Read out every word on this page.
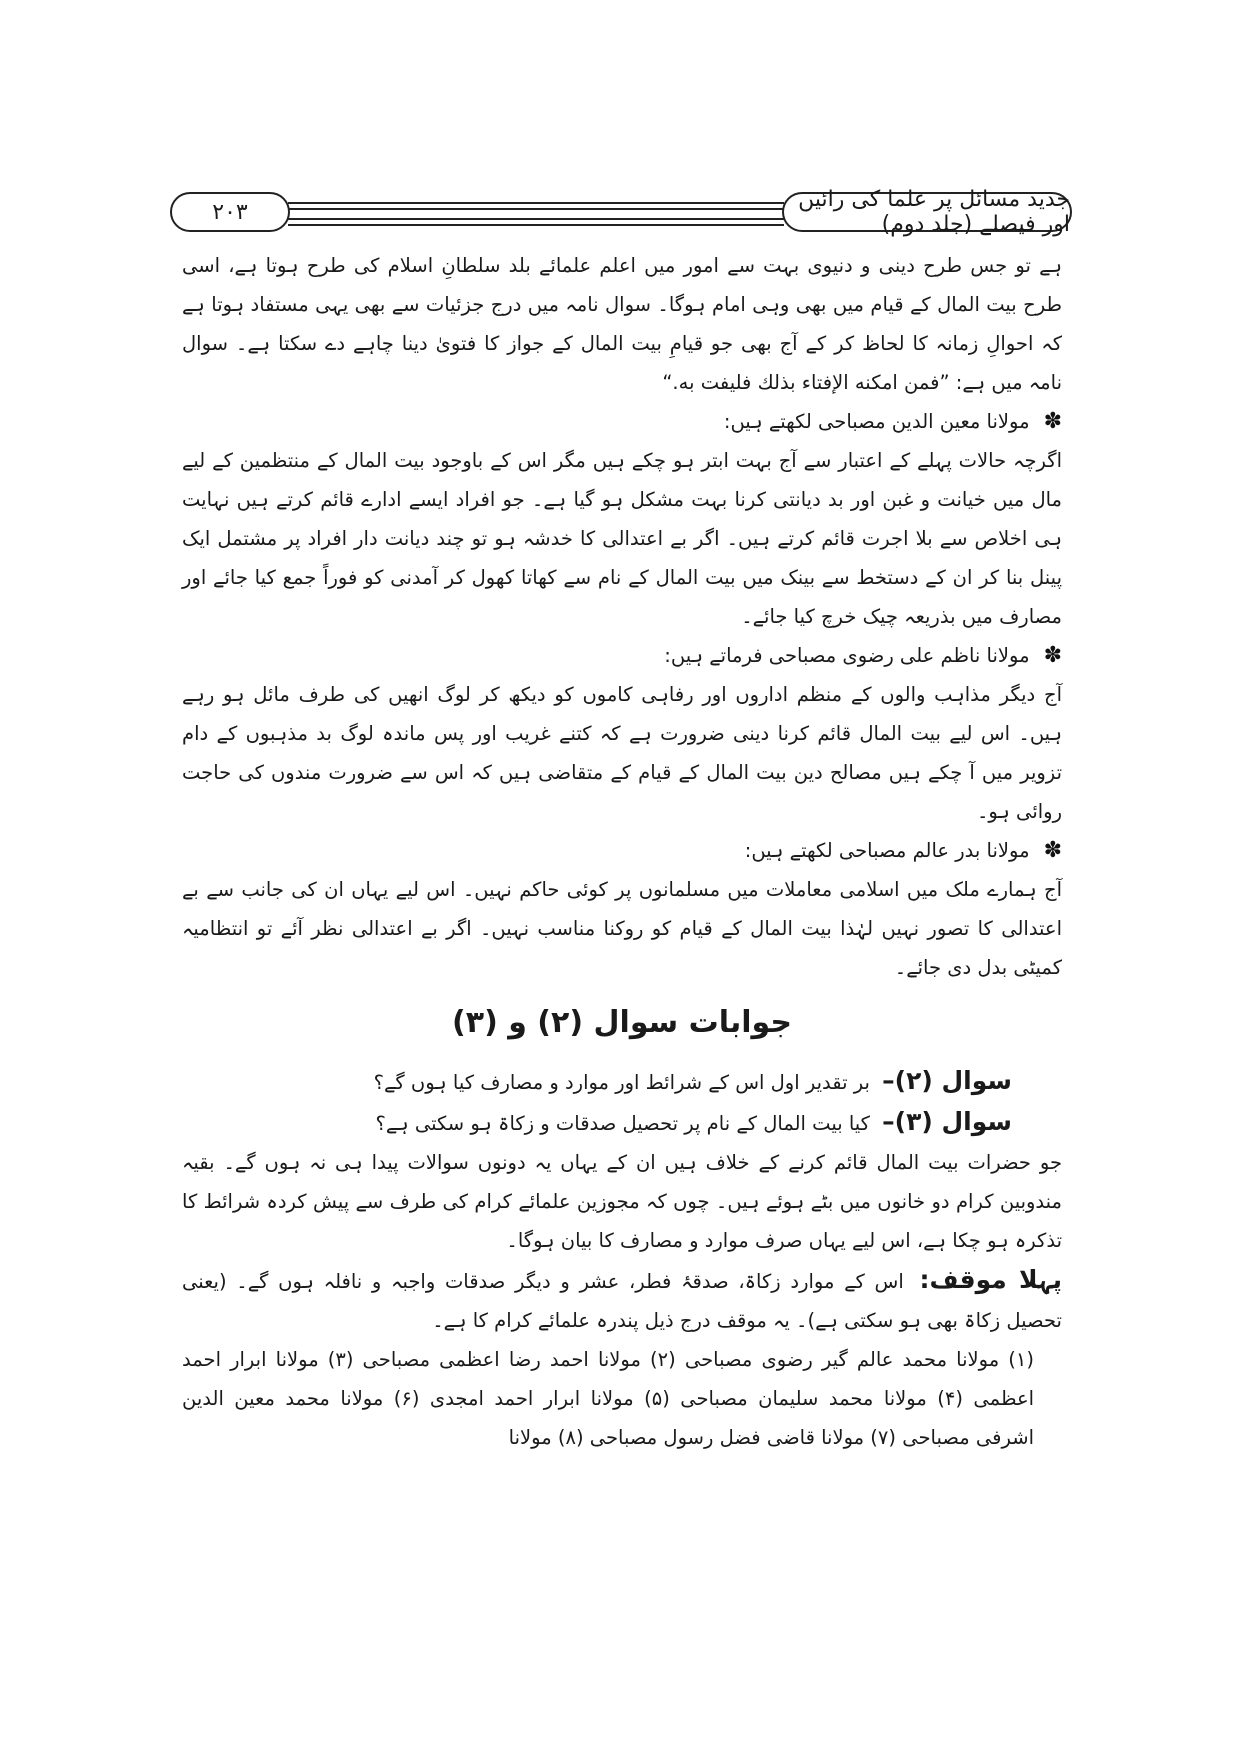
جدید مسائل پر علما کی رائیں اور فیصلے (جلد دوم)
۲۰۳

ہے تو جس طرح دینی و دنیوی بہت سے امور میں اعلم علمائے بلد سلطانِ اسلام کی طرح ہوتا ہے، اسی طرح بیت المال کے قیام میں بھی وہی امام ہوگا۔ سوال نامہ میں درج جزئیات سے بھی یہی مستفاد ہوتا ہے کہ احوالِ زمانہ کا لحاظ کر کے آج بھی جو قیامِ بیت المال کے جواز کا فتویٰ دینا چاہے دے سکتا ہے۔ سوال نامہ میں ہے: ”فمن امكنه الإفتاء بذلك فليفت به.“

✽
مولانا معین الدین مصباحی لکھتے ہیں:

اگرچہ حالات پہلے کے اعتبار سے آج بہت ابتر ہو چکے ہیں مگر اس کے باوجود بیت المال کے منتظمین کے لیے مال میں خیانت و غبن اور بد دیانتی کرنا بہت مشکل ہو گیا ہے۔ جو افراد ایسے ادارے قائم کرتے ہیں نہایت ہی اخلاص سے بلا اجرت قائم کرتے ہیں۔ اگر بے اعتدالی کا خدشہ ہو تو چند دیانت دار افراد پر مشتمل ایک پینل بنا کر ان کے دستخط سے بینک میں بیت المال کے نام سے کھاتا کھول کر آمدنی کو فوراً جمع کیا جائے اور مصارف میں بذریعہ چیک خرچ کیا جائے۔

✽
مولانا ناظم علی رضوی مصباحی فرماتے ہیں:

آج دیگر مذاہب والوں کے منظم اداروں اور رفاہی کاموں کو دیکھ کر لوگ انھیں کی طرف مائل ہو رہے ہیں۔ اس لیے بیت المال قائم کرنا دینی ضرورت ہے کہ کتنے غریب اور پس ماندہ لوگ بد مذہبوں کے دام تزویر میں آ چکے ہیں مصالح دین بیت المال کے قیام کے متقاضی ہیں کہ اس سے ضرورت مندوں کی حاجت روائی ہو۔

✽
مولانا بدر عالم مصباحی لکھتے ہیں:

آج ہمارے ملک میں اسلامی معاملات میں مسلمانوں پر کوئی حاکم نہیں۔ اس لیے یہاں ان کی جانب سے بے اعتدالی کا تصور نہیں لہٰذا بیت المال کے قیام کو روکنا مناسب نہیں۔ اگر بے اعتدالی نظر آئے تو انتظامیہ کمیٹی بدل دی جائے۔

جوابات سوال (۲) و (۳)

سوال (۲)– بر تقدیر اول اس کے شرائط اور موارد و مصارف کیا ہوں گے؟

سوال (۳)– کیا بیت المال کے نام پر تحصیل صدقات و زکاۃ ہو سکتی ہے؟

جو حضرات بیت المال قائم کرنے کے خلاف ہیں ان کے یہاں یہ دونوں سوالات پیدا ہی نہ ہوں گے۔ بقیہ مندوبین کرام دو خانوں میں بٹے ہوئے ہیں۔ چوں کہ مجوزین علمائے کرام کی طرف سے پیش کردہ شرائط کا تذکرہ ہو چکا ہے، اس لیے یہاں صرف موارد و مصارف کا بیان ہوگا۔

پہلا موقف: اس کے موارد زکاۃ، صدقۂ فطر، عشر و دیگر صدقات واجبہ و نافلہ ہوں گے۔ (یعنی تحصیل زکاۃ بھی ہو سکتی ہے)۔ یہ موقف درج ذیل پندرہ علمائے کرام کا ہے۔

(۱) مولانا محمد عالم گیر رضوی مصباحی (۲) مولانا احمد رضا اعظمی مصباحی (۳) مولانا ابرار احمد اعظمی (۴) مولانا محمد سلیمان مصباحی (۵) مولانا ابرار احمد امجدی (۶) مولانا محمد معین الدین اشرفی مصباحی (۷) مولانا قاضی فضل رسول مصباحی (۸) مولانا
